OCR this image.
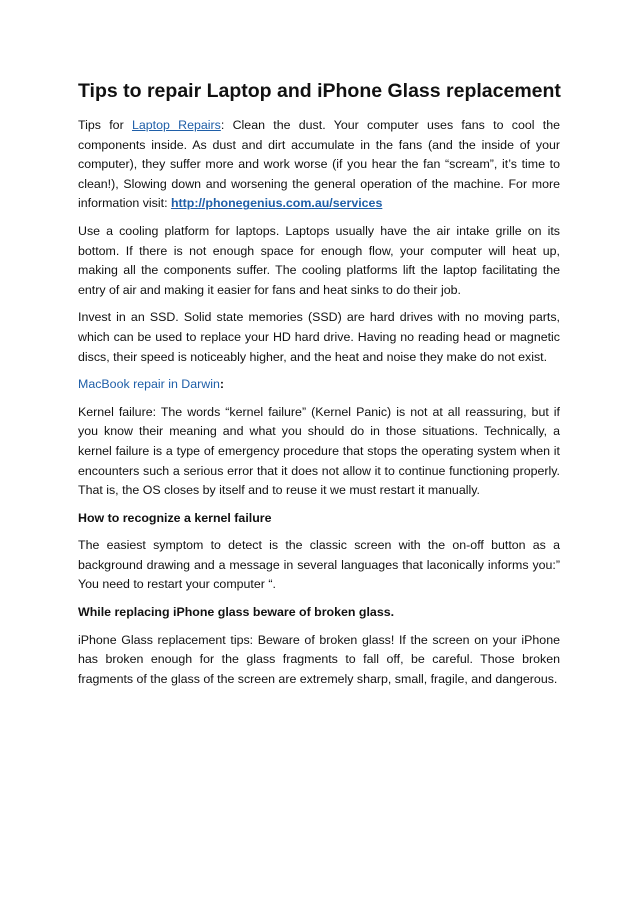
Tips to repair Laptop and iPhone Glass replacement

Tips for Laptop Repairs: Clean the dust. Your computer uses fans to cool the components inside. As dust and dirt accumulate in the fans (and the inside of your computer), they suffer more and work worse (if you hear the fan “scream”, it’s time to clean!), Slowing down and worsening the general operation of the machine. For more information visit: http://phonegenius.com.au/services

Use a cooling platform for laptops. Laptops usually have the air intake grille on its bottom. If there is not enough space for enough flow, your computer will heat up, making all the components suffer. The cooling platforms lift the laptop facilitating the entry of air and making it easier for fans and heat sinks to do their job.

Invest in an SSD. Solid state memories (SSD) are hard drives with no moving parts, which can be used to replace your HD hard drive. Having no reading head or magnetic discs, their speed is noticeably higher, and the heat and noise they make do not exist.

MacBook repair in Darwin:

Kernel failure: The words “kernel failure” (Kernel Panic) is not at all reassuring, but if you know their meaning and what you should do in those situations. Technically, a kernel failure is a type of emergency procedure that stops the operating system when it encounters such a serious error that it does not allow it to continue functioning properly. That is, the OS closes by itself and to reuse it we must restart it manually.

How to recognize a kernel failure

The easiest symptom to detect is the classic screen with the on-off button as a background drawing and a message in several languages that laconically informs you:” You need to restart your computer “.

While replacing iPhone glass beware of broken glass.

iPhone Glass replacement tips: Beware of broken glass! If the screen on your iPhone has broken enough for the glass fragments to fall off, be careful. Those broken fragments of the glass of the screen are extremely sharp, small, fragile, and dangerous.
